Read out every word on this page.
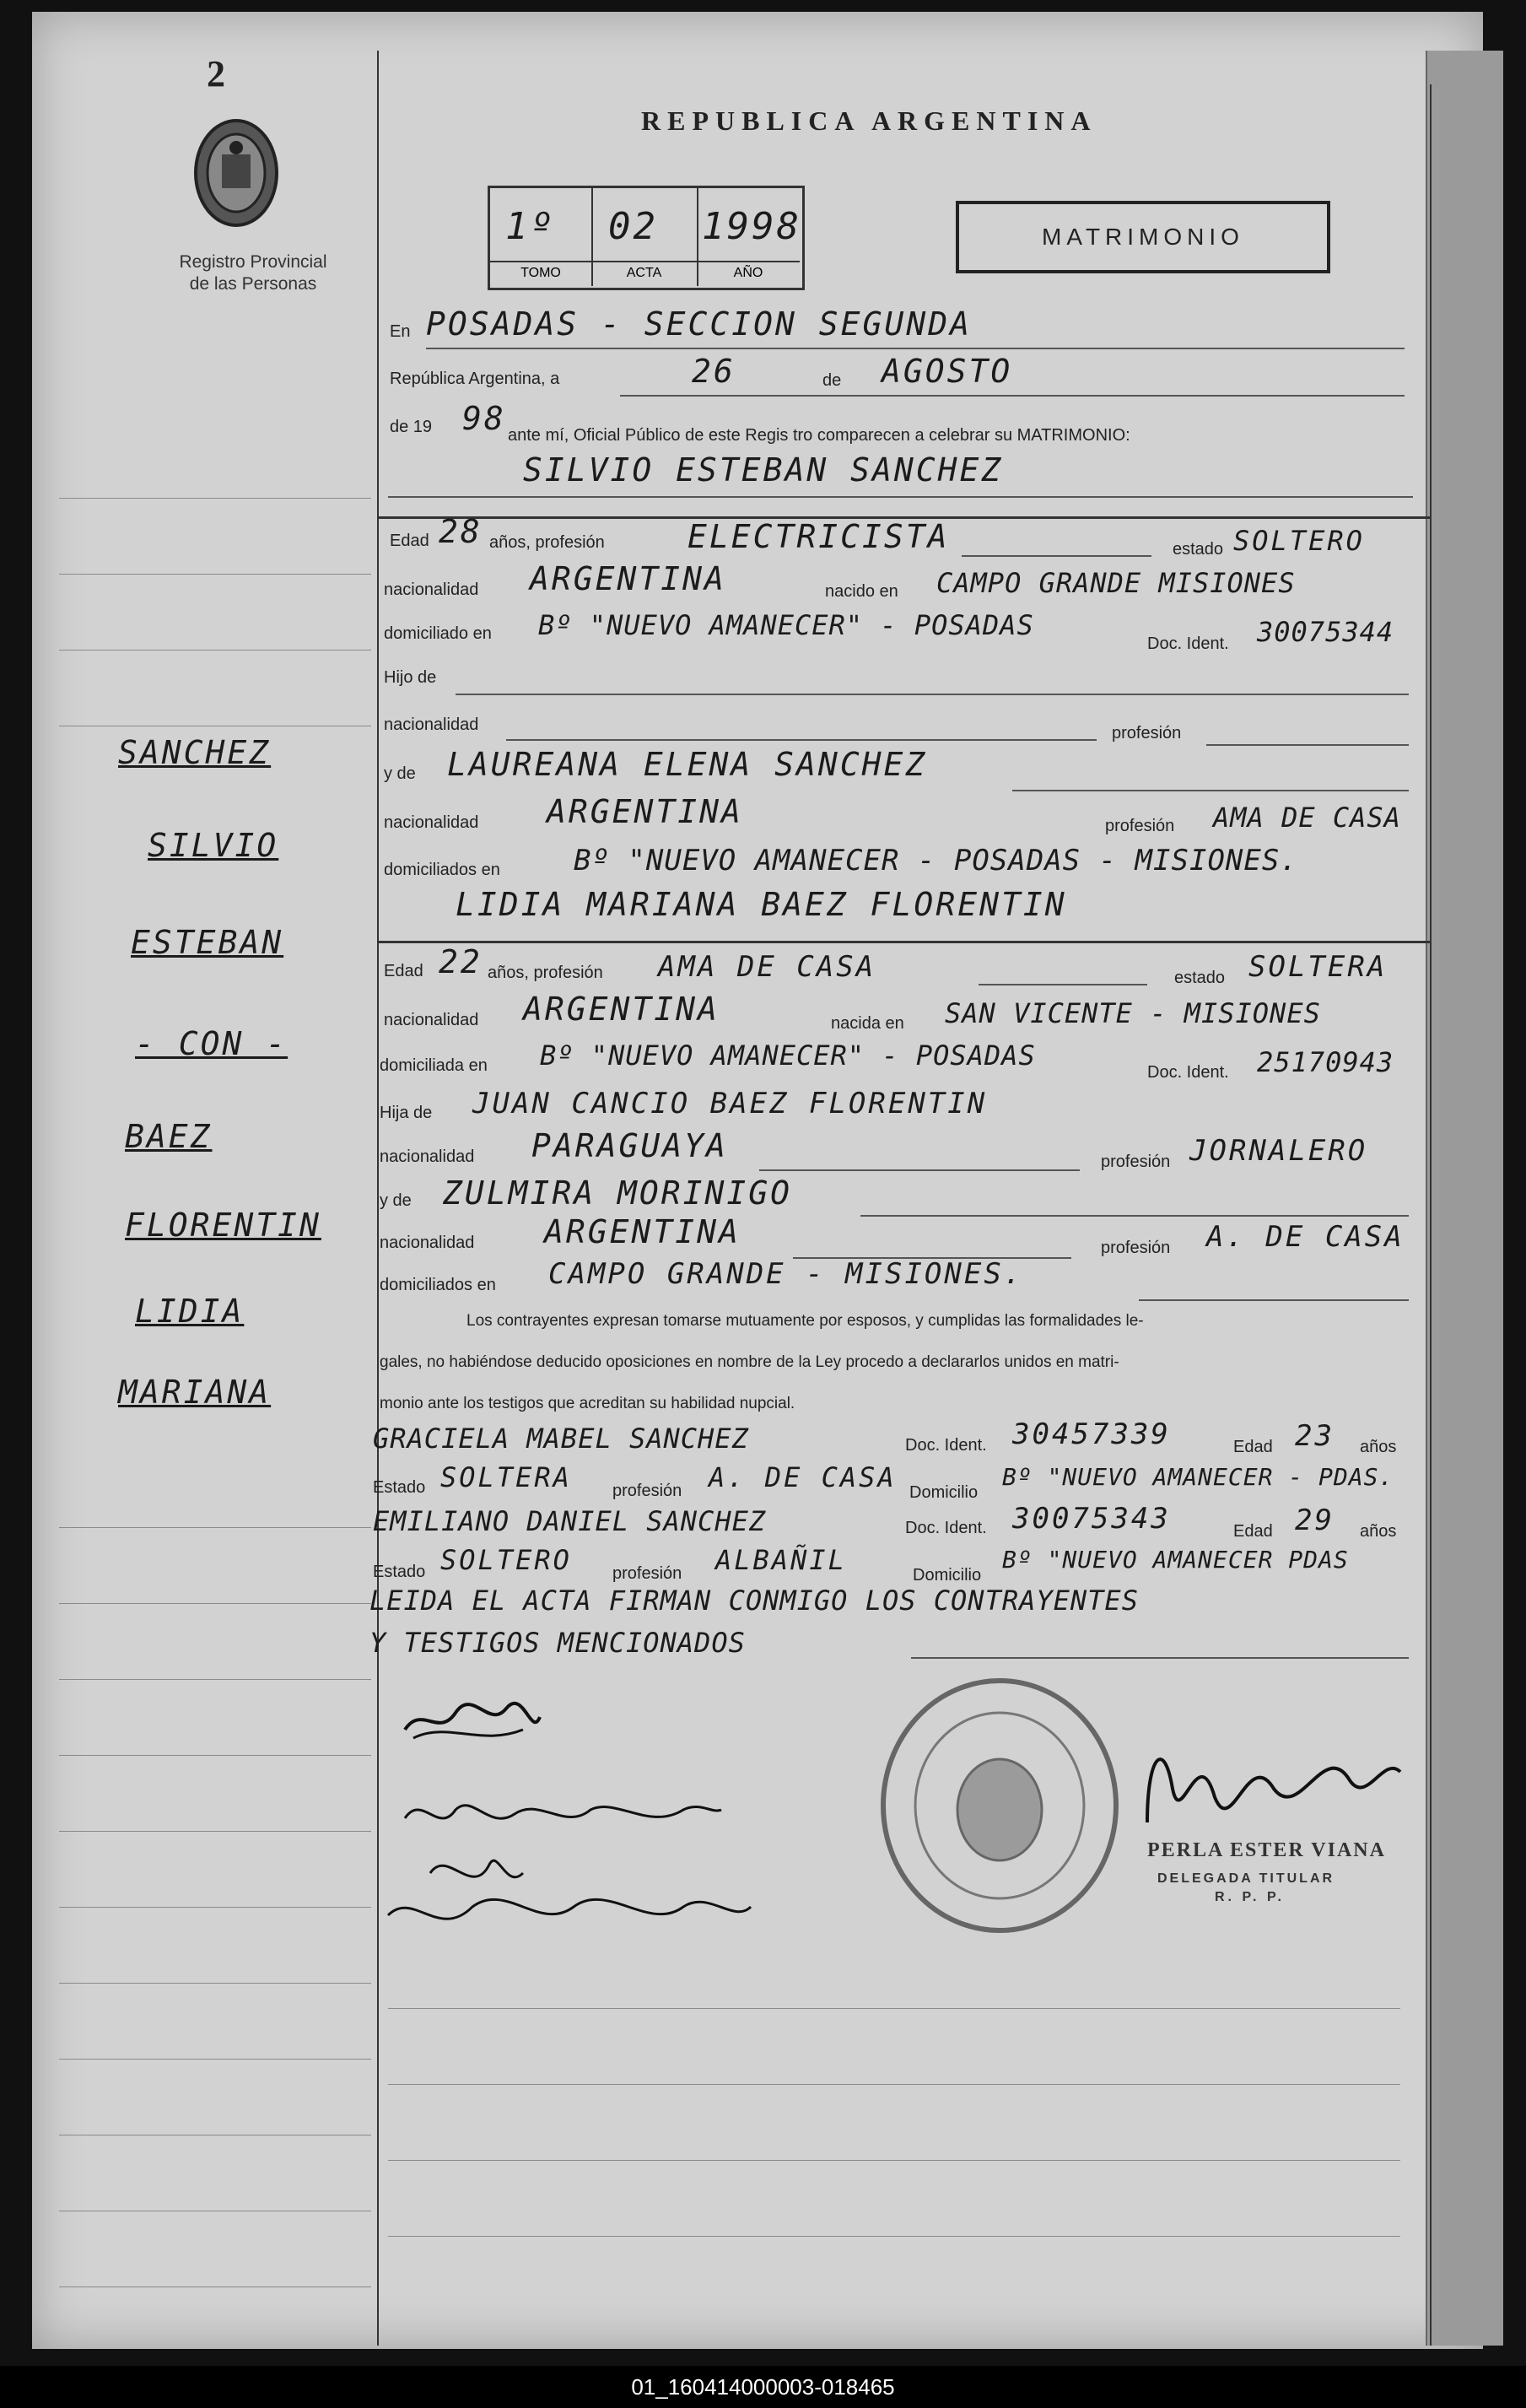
2
Registro Provincial
de las Personas
REPUBLICA ARGENTINA
1º
TOMO
02
ACTA
1998
AÑO
MATRIMONIO
En POSADAS - SECCION SEGUNDA
República Argentina, a	26	de AGOSTO
de 19 98 ante mí, Oficial Público de este Regis tro comparecen a celebrar su MATRIMONIO:
SILVIO ESTEBAN SANCHEZ
Edad 28 años, profesión	ELECTRICISTA	estado SOLTERO
nacionalidad ARGENTINA	nacido en CAMPO GRANDE MISIONES
domiciliado en Bº "NUEVO AMANECER" - POSADAS
Doc. Ident. 30075344
Hijo de
nacionalidad	profesión
y de LAUREANA ELENA SANCHEZ
nacionalidad ARGENTINA	profesión AMA DE CASA
domiciliados en	Bº "NUEVO AMANECER - POSADAS - MISIONES.
LIDIA MARIANA BAEZ FLORENTIN
Edad 22 años, profesión AMA DE CASA	estado SOLTERA
nacionalidad ARGENTINA	nacida en SAN VICENTE - MISIONES
domiciliada en Bº "NUEVO AMANECER" - POSADAS
Doc. Ident. 25170943
Hija de JUAN CANCIO BAEZ FLORENTIN
nacionalidad PARAGUAYA	profesión JORNALERO
y de ZULMIRA MORINIGO
nacionalidad ARGENTINA	profesión A. DE CASA
domiciliados en CAMPO GRANDE - MISIONES.
Los contrayentes expresan tomarse mutuamente por esposos, y cumplidas las formalidades le-
gales, no habiéndose deducido oposiciones en nombre de la Ley procedo a declararlos unidos en matri-
monio ante los testigos que acreditan su habilidad nupcial.
GRACIELA MABEL SANCHEZ	Doc. Ident. 30457339	Edad 23 años
Estado SOLTERA profesión A. DE CASA Domicilio
Bº "NUEVO AMANECER - PDAS.
EMILIANO DANIEL SANCHEZ	Doc. Ident. 30075343	Edad 29 años
Estado SOLTERO profesión ALBAÑIL	Domicilio
Bº "NUEVO AMANECER PDAS
LEIDA EL ACTA FIRMAN CONMIGO LOS CONTRAYENTES
Y TESTIGOS MENCIONADOS
PERLA ESTER VIANA
DELEGADA TITULAR
R. P. P.
SANCHEZ
SILVIO
ESTEBAN
- CON -
BAEZ
FLORENTIN
LIDIA
MARIANA
01_160414000003-018465
